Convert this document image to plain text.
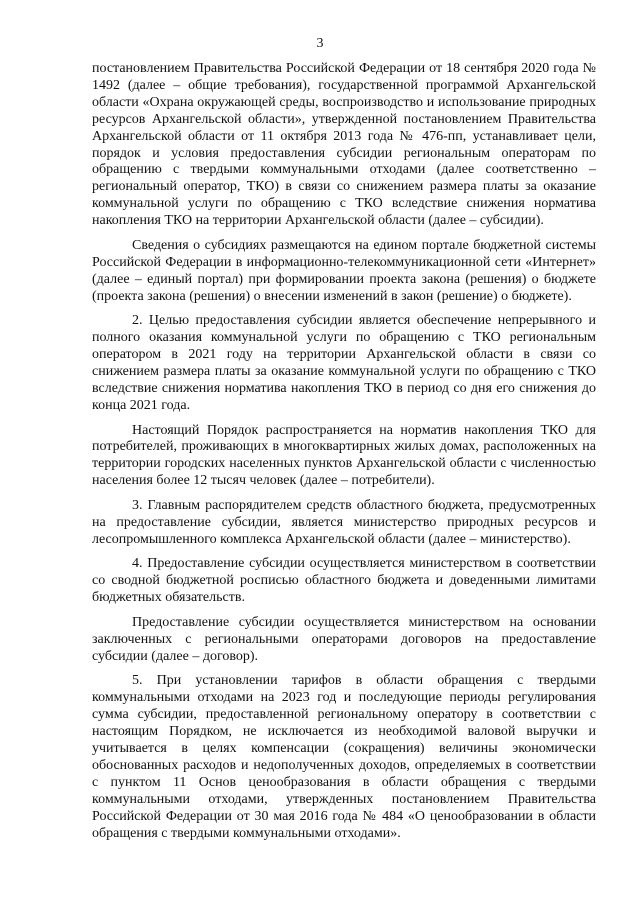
3

постановлением Правительства Российской Федерации от 18 сентября 2020 года № 1492 (далее – общие требования), государственной программой Архангельской области «Охрана окружающей среды, воспроизводство и использование природных ресурсов Архангельской области», утвержденной постановлением Правительства Архангельской области от 11 октября 2013 года № 476-пп, устанавливает цели, порядок и условия предоставления субсидии региональным операторам по обращению с твердыми коммунальными отходами (далее соответственно – региональный оператор, ТКО) в связи со снижением размера платы за оказание коммунальной услуги по обращению с ТКО вследствие снижения норматива накопления ТКО на территории Архангельской области (далее – субсидии).

Сведения о субсидиях размещаются на едином портале бюджетной системы Российской Федерации в информационно-телекоммуникационной сети «Интернет» (далее – единый портал) при формировании проекта закона (решения) о бюджете (проекта закона (решения) о внесении изменений в закон (решение) о бюджете).

2. Целью предоставления субсидии является обеспечение непрерывного и полного оказания коммунальной услуги по обращению с ТКО региональным оператором в 2021 году на территории Архангельской области в связи со снижением размера платы за оказание коммунальной услуги по обращению с ТКО вследствие снижения норматива накопления ТКО в период со дня его снижения до конца 2021 года.

Настоящий Порядок распространяется на норматив накопления ТКО для потребителей, проживающих в многоквартирных жилых домах, расположенных на территории городских населенных пунктов Архангельской области с численностью населения более 12 тысяч человек (далее – потребители).

3. Главным распорядителем средств областного бюджета, предусмотренных на предоставление субсидии, является министерство природных ресурсов и лесопромышленного комплекса Архангельской области (далее – министерство).

4. Предоставление субсидии осуществляется министерством в соответствии со сводной бюджетной росписью областного бюджета и доведенными лимитами бюджетных обязательств.

Предоставление субсидии осуществляется министерством на основании заключенных с региональными операторами договоров на предоставление субсидии (далее – договор).

5. При установлении тарифов в области обращения с твердыми коммунальными отходами на 2023 год и последующие периоды регулирования сумма субсидии, предоставленной региональному оператору в соответствии с настоящим Порядком, не исключается из необходимой валовой выручки и учитывается в целях компенсации (сокращения) величины экономически обоснованных расходов и недополученных доходов, определяемых в соответствии с пунктом 11 Основ ценообразования в области обращения с твердыми коммунальными отходами, утвержденных постановлением Правительства Российской Федерации от 30 мая 2016 года № 484 «О ценообразовании в области обращения с твердыми коммунальными отходами».
